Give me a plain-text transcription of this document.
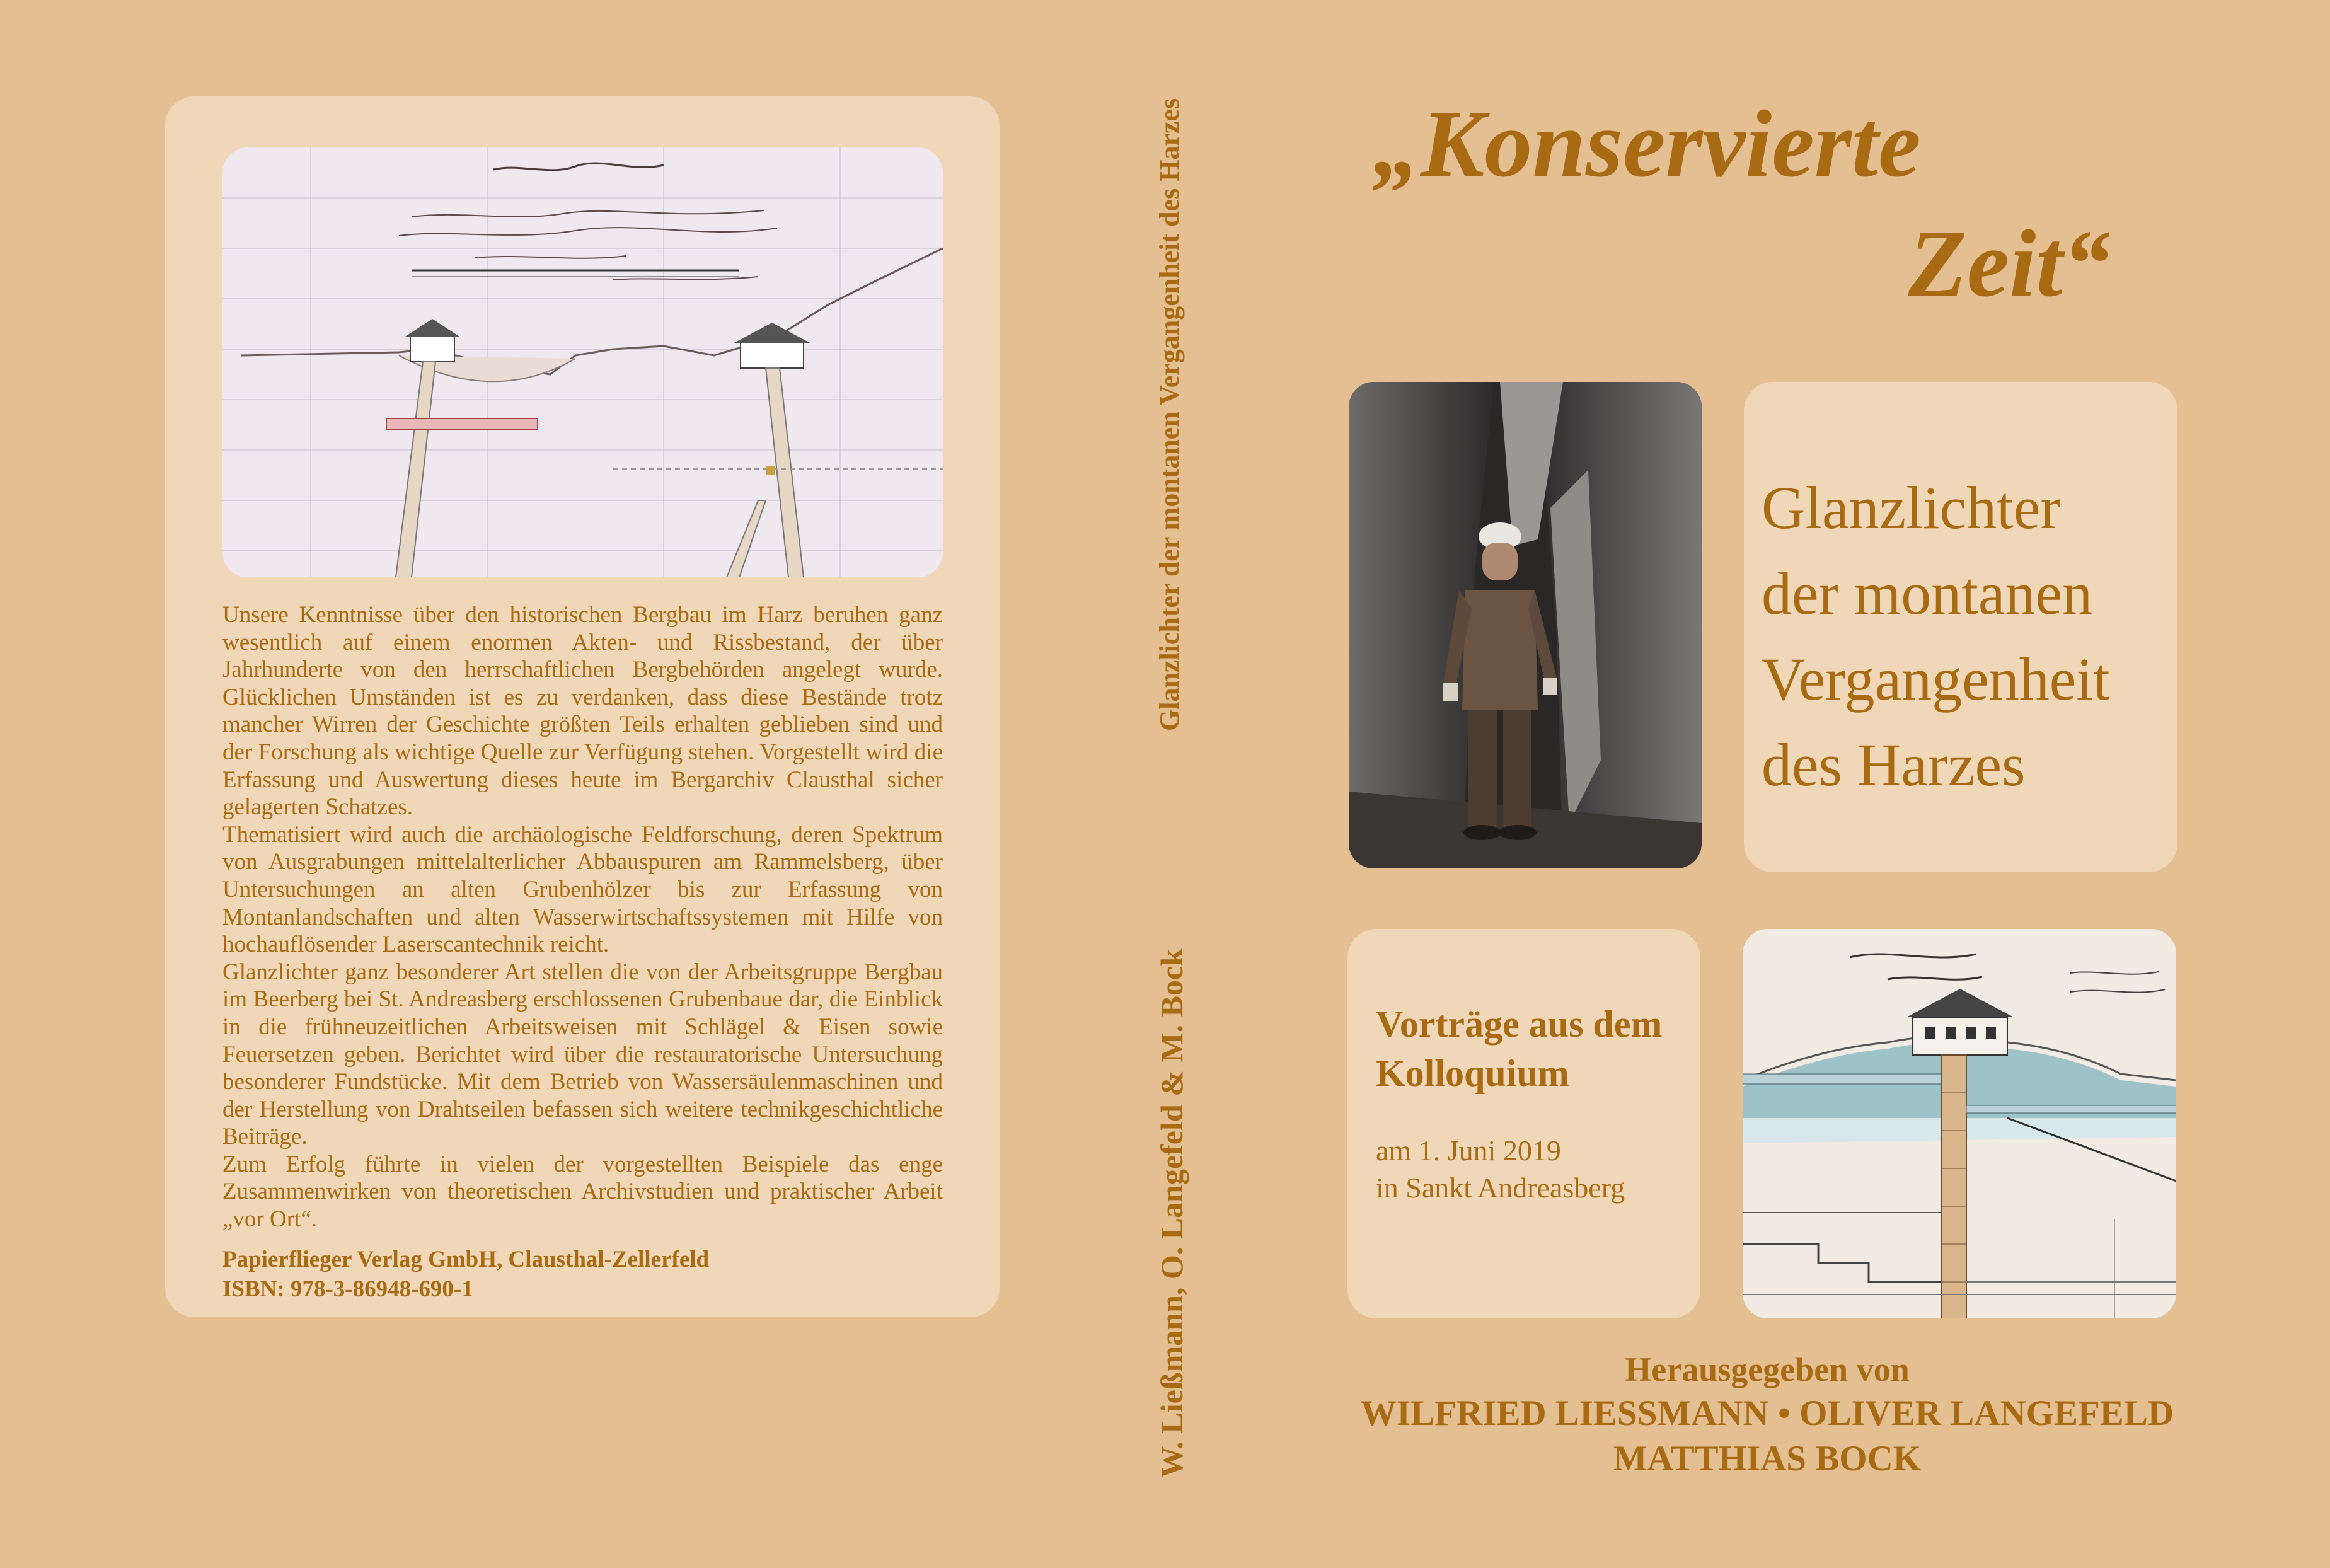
Unsere Kenntnisse über den historischen Bergbau im Harz beruhen ganz wesentlich auf einem enormen Akten- und Rissbestand, der über Jahrhunderte von den herrschaftlichen Bergbehörden angelegt wurde. Glücklichen Umständen ist es zu verdanken, dass diese Bestände trotz mancher Wirren der Geschichte größten Teils erhalten geblieben sind und der Forschung als wichtige Quelle zur Verfügung stehen. Vorgestellt wird die Erfassung und Auswertung dieses heute im Bergarchiv Clausthal sicher gelagerten Schatzes.

Thematisiert wird auch die archäologische Feldforschung, deren Spektrum von Ausgrabungen mittelalterlicher Abbauspuren am Rammelsberg, über Untersuchungen an alten Grubenhölzer bis zur Erfassung von Montanlandschaften und alten Wasserwirtschaftssystemen mit Hilfe von hochauflösender Laserscantechnik reicht.

Glanzlichter ganz besonderer Art stellen die von der Arbeitsgruppe Bergbau im Beerberg bei St. Andreasberg erschlossenen Grubenbaue dar, die Einblick in die frühneuzeitlichen Arbeitsweisen mit Schlägel & Eisen sowie Feuersetzen geben. Berichtet wird über die restauratorische Untersuchung besonderer Fundstücke. Mit dem Betrieb von Wassersäulenmaschinen und der Herstellung von Drahtseilen befassen sich weitere technikgeschichtliche Beiträge.

Zum Erfolg führte in vielen der vorgestellten Beispiele das enge Zusammenwirken von theoretischen Archivstudien und praktischer Arbeit „vor Ort“.

Papierflieger Verlag GmbH, Clausthal-Zellerfeld
ISBN: 978-3-86948-690-1
Glanzlichter der montanen Vergangenheit des Harzes
W. Ließmann, O. Langefeld & M. Bock
„Konservierte
Zeit“
Glanzlichter
der montanen
Vergangenheit
des Harzes
Vorträge aus dem
Kolloquium
am 1. Juni 2019
in Sankt Andreasberg
Herausgegeben von
WILFRIED LIESSMANN • OLIVER LANGEFELD
MATTHIAS BOCK
